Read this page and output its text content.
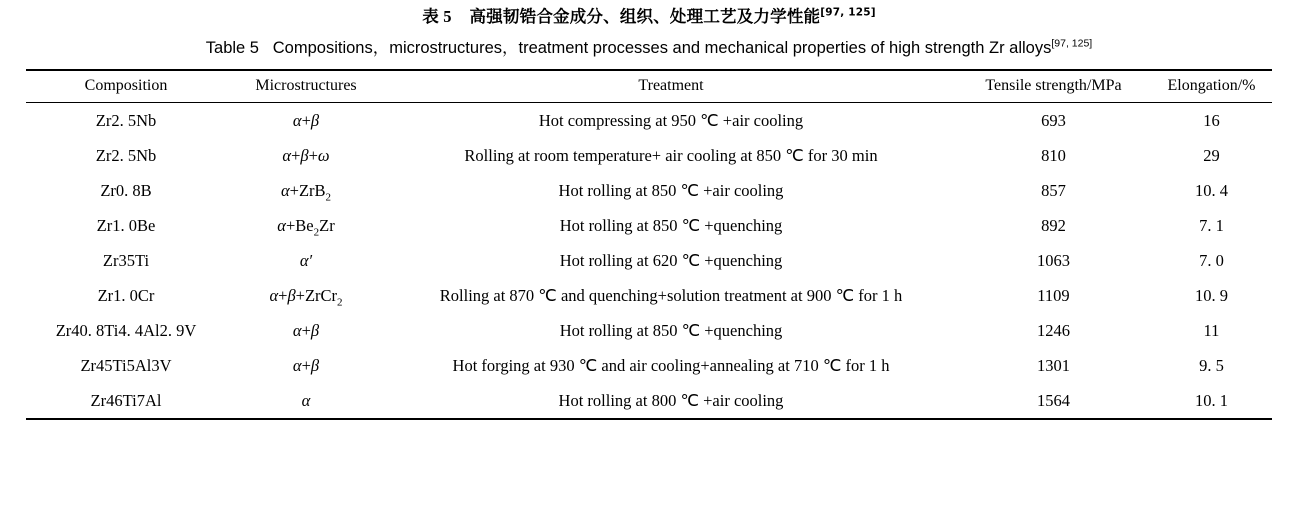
表 5 高强韧锆合金成分、组织、处理工艺及力学性能[97, 125]
Table 5 Compositions，microstructures，treatment processes and mechanical properties of high strength Zr alloys[97, 125]
Composition	Microstructures	Treatment	Tensile strength/MPa	Elongation/%
Zr2. 5Nb	α+β	Hot compressing at 950 ℃ +air cooling	693	16
Zr2. 5Nb	α+β+ω	Rolling at room temperature+ air cooling at 850 ℃ for 30 min	810	29
Zr0. 8B	α+ZrB$_2$	Hot rolling at 850 ℃ +air cooling	857	10. 4
Zr1. 0Be	$\alpha+Be_2Zr$	Hot rolling at 850 ℃ +quenching	892	7. 1
Zr35Ti	α′	Hot rolling at 620 ℃ +quenching	1063	7. 0
Zr1. 0Cr	α+β+ZrCr$_2$	Rolling at 870 ℃ and quenching+solution treatment at 900 ℃ for 1 h	1109	10. 9
Zr40. 8Ti4. 4Al2. 9V	α+β	Hot rolling at 850 ℃ +quenching	1246	11
Zr45Ti5Al3V	α+β	Hot forging at 930 ℃ and air cooling+annealing at 710 ℃ for 1 h	1301	9. 5
Zr46Ti7Al	α	Hot rolling at 800 ℃ +air cooling	1564	10. 1
